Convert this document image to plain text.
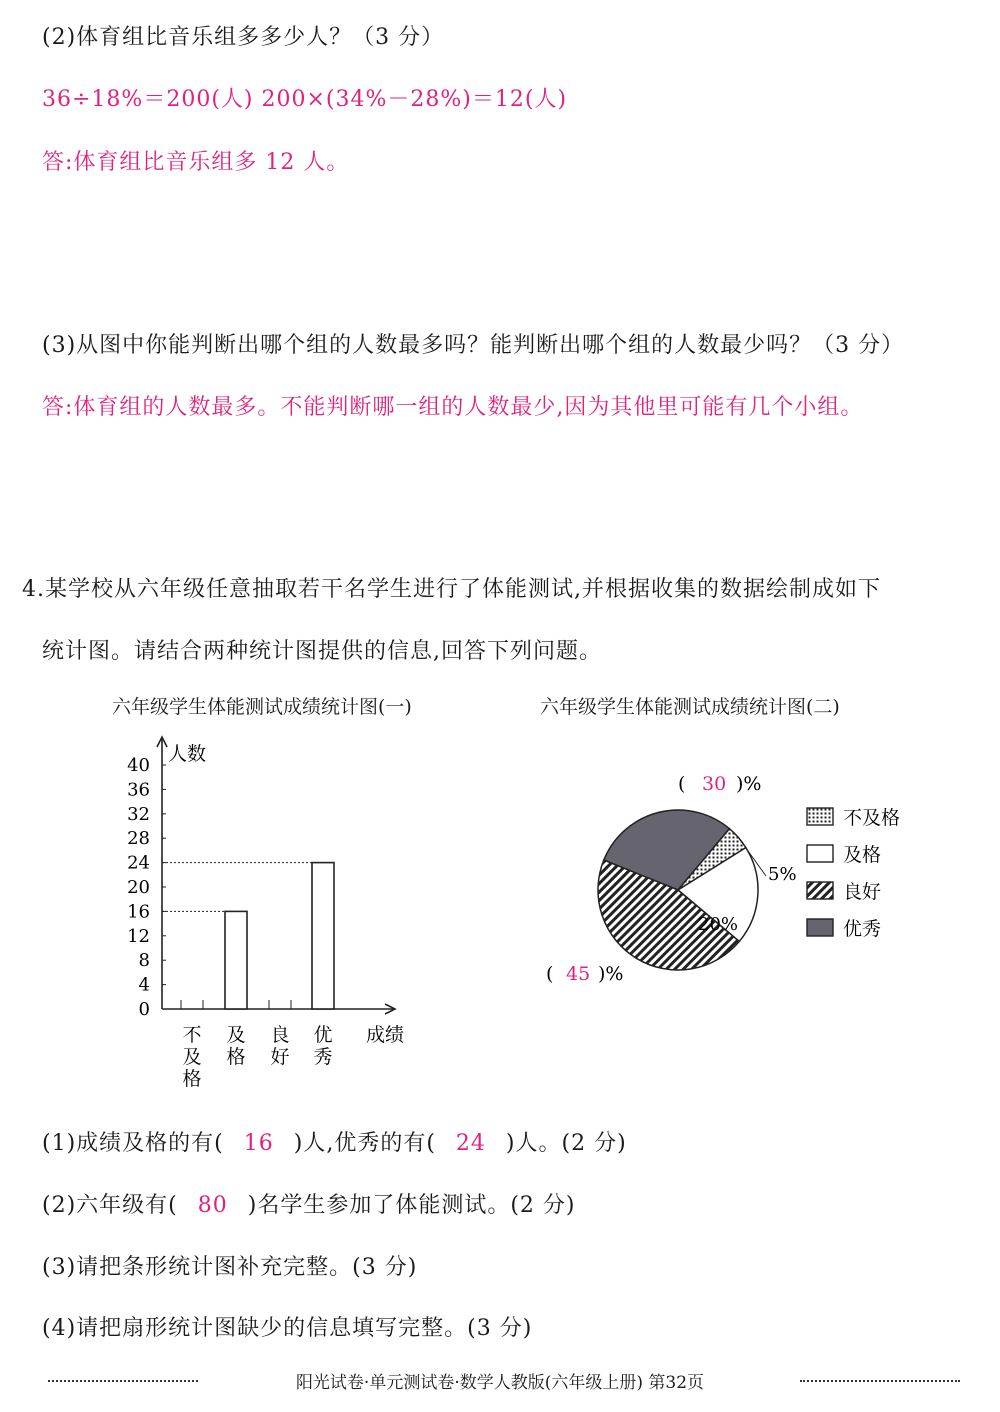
(2)体育组比音乐组多多少人？（3 分）
36÷18%＝200(人) 200×(34%－28%)＝12(人)
答:体育组比音乐组多 12 人。
(3)从图中你能判断出哪个组的人数最多吗？能判断出哪个组的人数最少吗？（3 分）
答:体育组的人数最多。不能判断哪一组的人数最少,因为其他里可能有几个小组。
4.某学校从六年级任意抽取若干名学生进行了体能测试,并根据收集的数据绘制成如下
统计图。请结合两种统计图提供的信息,回答下列问题。
六年级学生体能测试成绩统计图(一)	六年级学生体能测试成绩统计图(二)
人数
成绩
0
4
8
12
16
20
24
28
32
36
40
不及格
及格
良好
优秀
( 30 )%
5%
20%
( 45 )%
不及格
及格
良好
优秀
(1)成绩及格的有( 16 )人,优秀的有( 24 )人。(2 分)
(2)六年级有( 80 )名学生参加了体能测试。(2 分)
(3)请把条形统计图补充完整。(3 分)
(4)请把扇形统计图缺少的信息填写完整。(3 分)
阳光试卷·单元测试卷·数学人教版(六年级上册) 第32页
